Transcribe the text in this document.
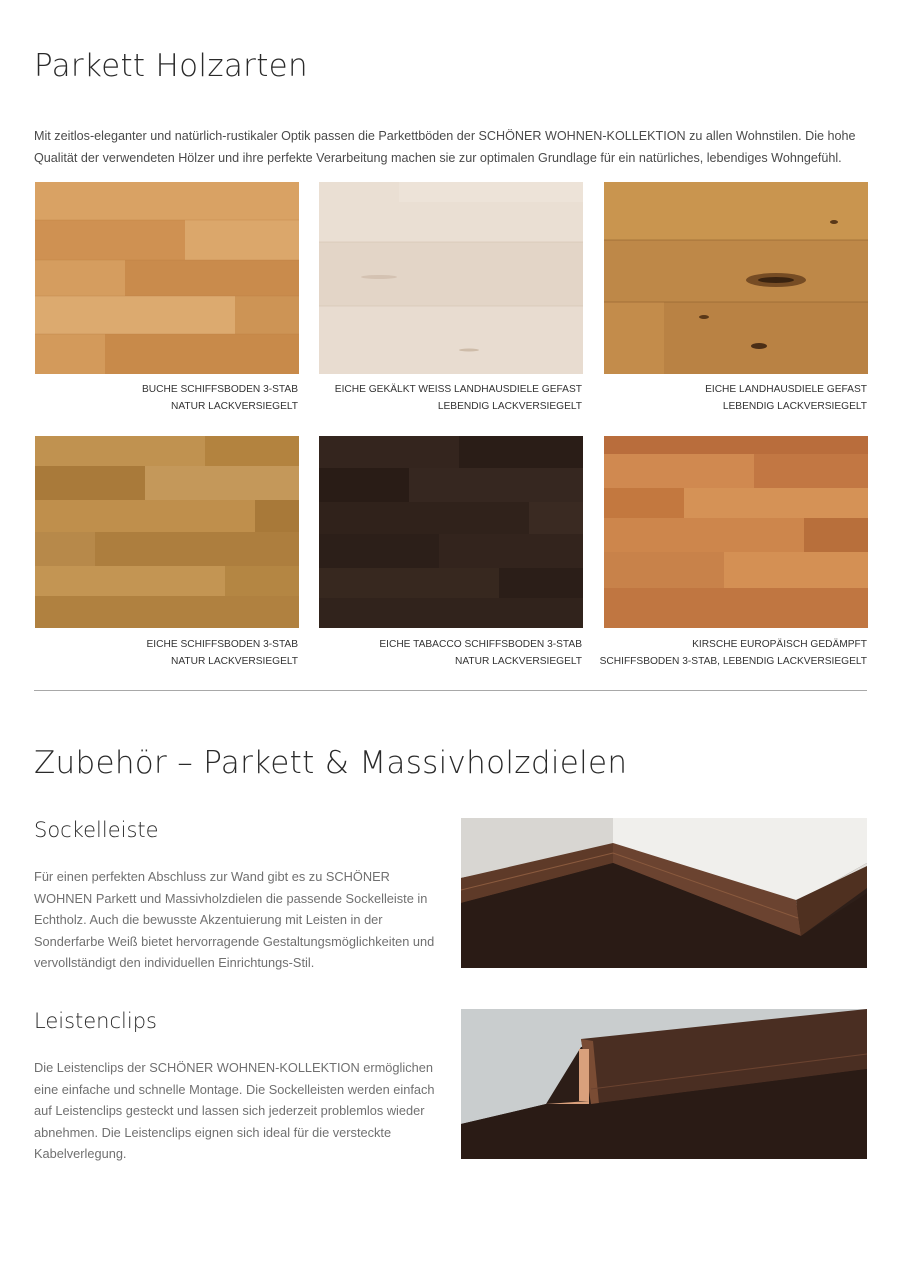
Parkett Holzarten

Mit zeitlos-eleganter und natürlich-rustikaler Optik passen die Parkettböden der SCHÖNER WOHNEN-KOLLEKTION zu allen Wohnstilen. Die hohe Qualität der verwendeten Hölzer und ihre perfekte Verarbeitung machen sie zur optimalen Grundlage für ein natürliches, lebendiges Wohngefühl.

BUCHE SCHIFFSBODEN 3-STAB
NATUR LACKVERSIEGELT
EICHE GEKÄLKT WEISS LANDHAUSDIELE GEFAST
LEBENDIG LACKVERSIEGELT
EICHE LANDHAUSDIELE GEFAST
LEBENDIG LACKVERSIEGELT
EICHE SCHIFFSBODEN 3-STAB
NATUR LACKVERSIEGELT
EICHE TABACCO SCHIFFSBODEN 3-STAB
NATUR LACKVERSIEGELT
KIRSCHE EUROPÄISCH GEDÄMPFT
SCHIFFSBODEN 3-STAB, LEBENDIG LACKVERSIEGELT
Zubehör – Parkett & Massivholzdielen
Sockelleiste

Für einen perfekten Abschluss zur Wand gibt es zu SCHÖNER WOHNEN Parkett und Massivholzdielen die passende Sockelleiste in Echtholz. Auch die bewusste Akzentuierung mit Leisten in der Sonderfarbe Weiß bietet hervorragende Gestaltungsmöglichkeiten und vervollständigt den individuellen Einrichtungs-Stil.

Leistenclips

Die Leistenclips der SCHÖNER WOHNEN-KOLLEKTION ermöglichen eine einfache und schnelle Montage. Die Sockelleisten werden einfach auf Leistenclips gesteckt und lassen sich jederzeit problemlos wieder abnehmen. Die Leistenclips eignen sich ideal für die versteckte Kabelverlegung.
